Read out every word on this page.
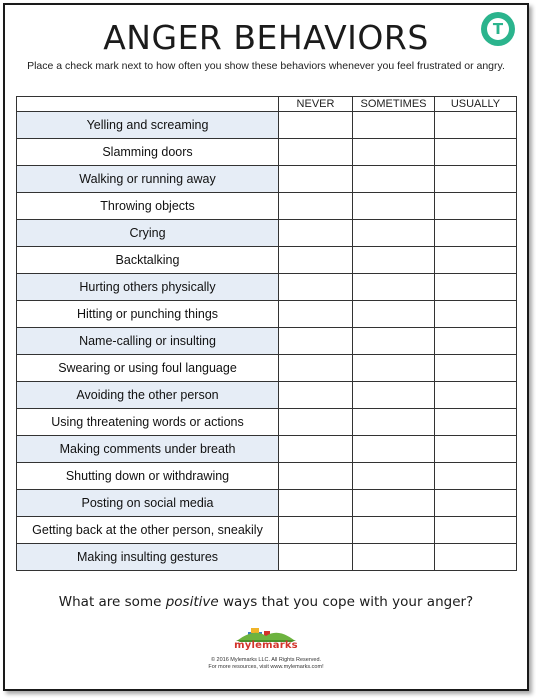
ANGER BEHAVIORS	T
Place a check mark next to how often you show these behaviors whenever you feel frustrated or angry.
	NEVER	SOMETIMES	USUALLY
Yelling and screaming			
Slamming doors			
Walking or running away			
Throwing objects			
Crying			
Backtalking			
Hurting others physically			
Hitting or punching things			
Name-calling or insulting			
Swearing or using foul language			
Avoiding the other person			
Using threatening words or actions			
Making comments under breath			
Shutting down or withdrawing			
Posting on social media			
Getting back at the other person, sneakily			
Making insulting gestures			
What are some positive ways that you cope with your anger?
mylemarks
© 2016 Mylemarks LLC. All Rights Reserved.
For more resources, visit www.mylemarks.com!
